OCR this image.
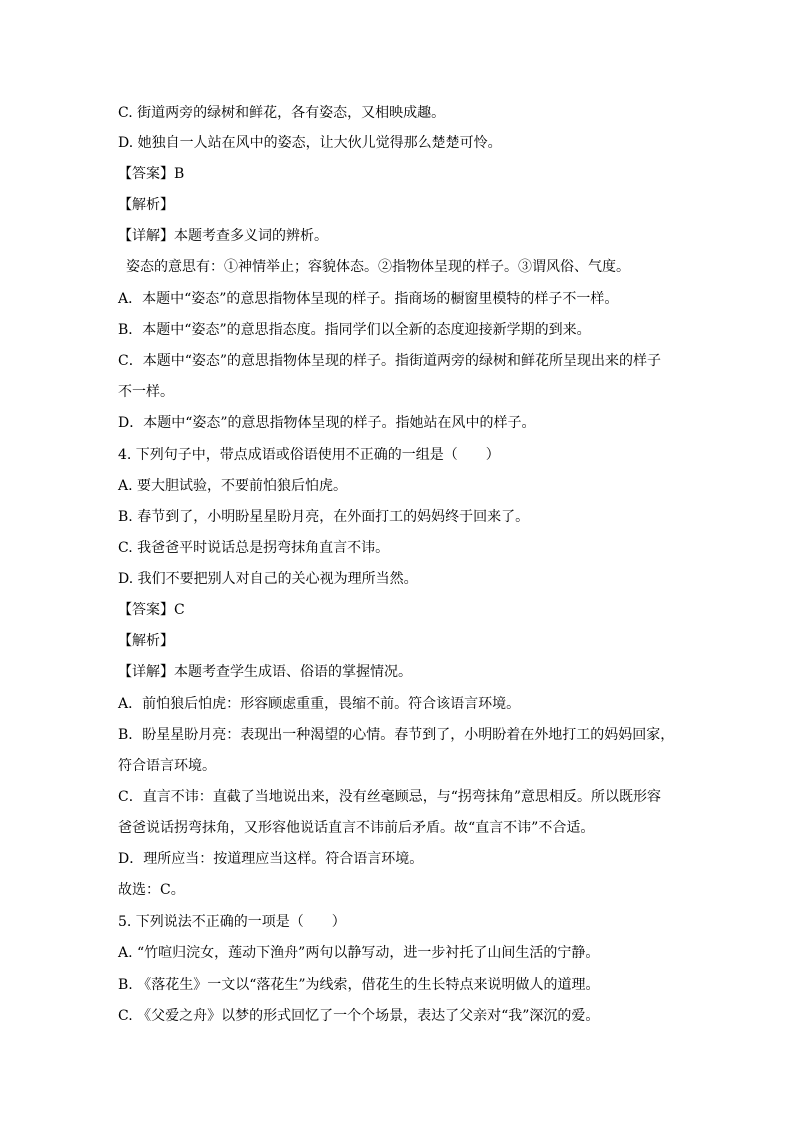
C. 街道两旁的绿树和鲜花，各有姿态，又相映成趣。
D. 她独自一人站在风中的姿态，让大伙儿觉得那么楚楚可怜。
【答案】B
【解析】
【详解】本题考查多义词的辨析。
姿态的意思有：①神情举止；容貌体态。②指物体呈现的样子。③谓风俗、气度。
A．本题中“姿态”的意思指物体呈现的样子。指商场的橱窗里模特的样子不一样。
B．本题中“姿态”的意思指态度。指同学们以全新的态度迎接新学期的到来。
C．本题中“姿态”的意思指物体呈现的样子。指街道两旁的绿树和鲜花所呈现出来的样子
不一样。
D．本题中“姿态”的意思指物体呈现的样子。指她站在风中的样子。
4. 下列句子中，带点成语或俗语使用不正确的一组是（　　）
A. 要大胆试验，不要前怕狼后怕虎。
B. 春节到了，小明盼星星盼月亮，在外面打工的妈妈终于回来了。
C. 我爸爸平时说话总是拐弯抹角直言不讳。
D. 我们不要把别人对自己的关心视为理所当然。
【答案】C
【解析】
【详解】本题考查学生成语、俗语的掌握情况。
A．前怕狼后怕虎：形容顾虑重重，畏缩不前。符合该语言环境。
B．盼星星盼月亮：表现出一种渴望的心情。春节到了，小明盼着在外地打工的妈妈回家，
符合语言环境。
C．直言不讳：直截了当地说出来，没有丝毫顾忌，与“拐弯抹角”意思相反。所以既形容
爸爸说话拐弯抹角，又形容他说话直言不讳前后矛盾。故“直言不讳”不合适。
D．理所应当：按道理应当这样。符合语言环境。
故选：C。
5. 下列说法不正确的一项是（　　）
A. “竹喧归浣女，莲动下渔舟”两句以静写动，进一步衬托了山间生活的宁静。
B. 《落花生》一文以“落花生”为线索，借花生的生长特点来说明做人的道理。
C. 《父爱之舟》以梦的形式回忆了一个个场景，表达了父亲对“我”深沉的爱。
